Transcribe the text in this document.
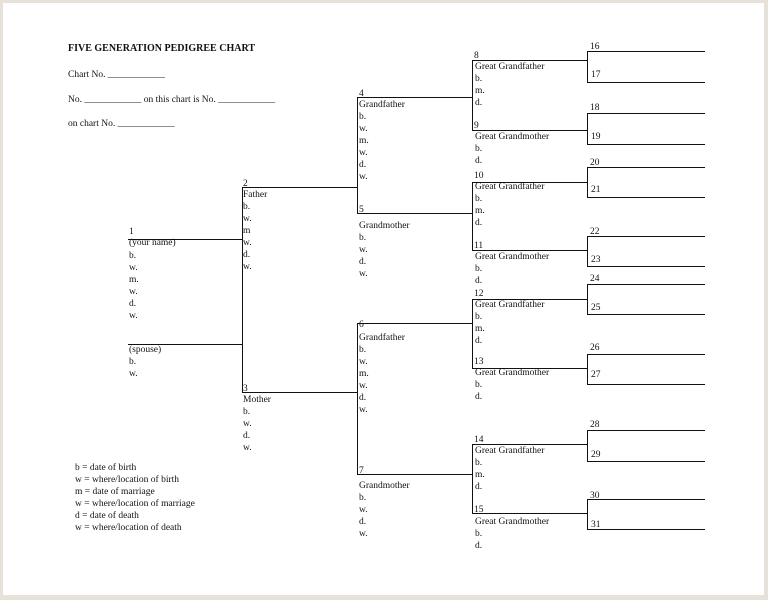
FIVE GENERATION PEDIGREE CHART
Chart No. ____________
No. ____________ on this chart is No. ____________
on chart No. ____________
1
(your name)
b.
w.
m.
w.
d.
w.
(spouse)
b.
w.
2
Father
b.
w.
m
w.
d.
w.
3
Mother
b.
w.
d.
w.
4
Grandfather
b.
w.
m.
w.
d.
w.
5
Grandmother
b.
w.
d.
w.
6
Grandfather
b.
w.
m.
w.
d.
w.
7
Grandmother
b.
w.
d.
w.
8
Great Grandfather
b.
m.
d.
9
Great Grandmother
b.
d.
10
Great Grandfather
b.
m.
d.
11
Great Grandmother
b.
d.
12
Great Grandfather
b.
m.
d.
13
Great Grandmother
b.
d.
14
Great Grandfather
b.
m.
d.
15
Great Grandmother
b.
d.
16
17
18
19
20
21
22
23
24
25
26
27
28
29
30
31
b = date of birth
w = where/location of birth
m = date of marriage
w = where/location of marriage
d = date of death
w = where/location of death
